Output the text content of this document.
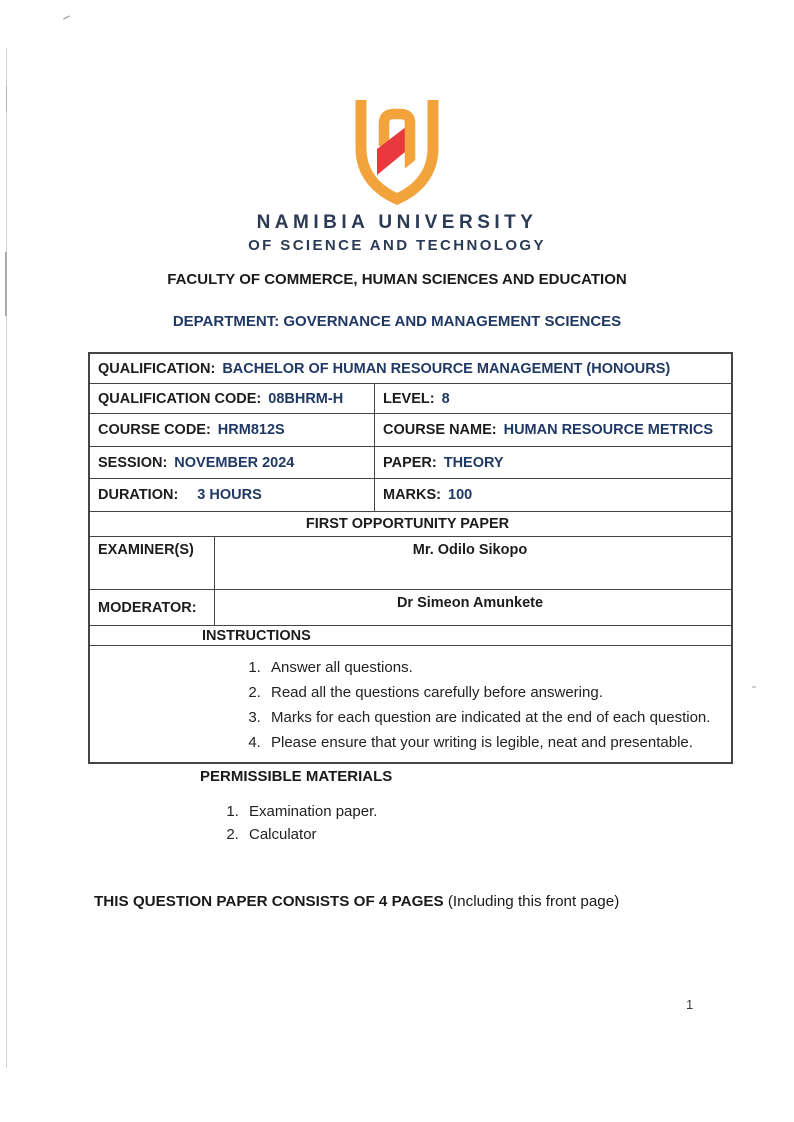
NAMIBIA UNIVERSITY
OF SCIENCE AND TECHNOLOGY
FACULTY OF COMMERCE, HUMAN SCIENCES AND EDUCATION
DEPARTMENT: GOVERNANCE AND MANAGEMENT SCIENCES
QUALIFICATION: BACHELOR OF HUMAN RESOURCE MANAGEMENT (HONOURS)
QUALIFICATION CODE: 08BHRM-H	LEVEL: 8
COURSE CODE: HRM812S	COURSE NAME: HUMAN RESOURCE METRICS
SESSION: NOVEMBER 2024	PAPER: THEORY
DURATION: 3 HOURS	MARKS: 100
FIRST OPPORTUNITY PAPER
EXAMINER(S)	Mr. Odilo Sikopo
MODERATOR:	Dr Simeon Amunkete
INSTRUCTIONS
1. Answer all questions.
2. Read all the questions carefully before answering.
3. Marks for each question are indicated at the end of each question.
4. Please ensure that your writing is legible, neat and presentable.
PERMISSIBLE MATERIALS
1. Examination paper.
2. Calculator
THIS QUESTION PAPER CONSISTS OF 4 PAGES (Including this front page)
1
